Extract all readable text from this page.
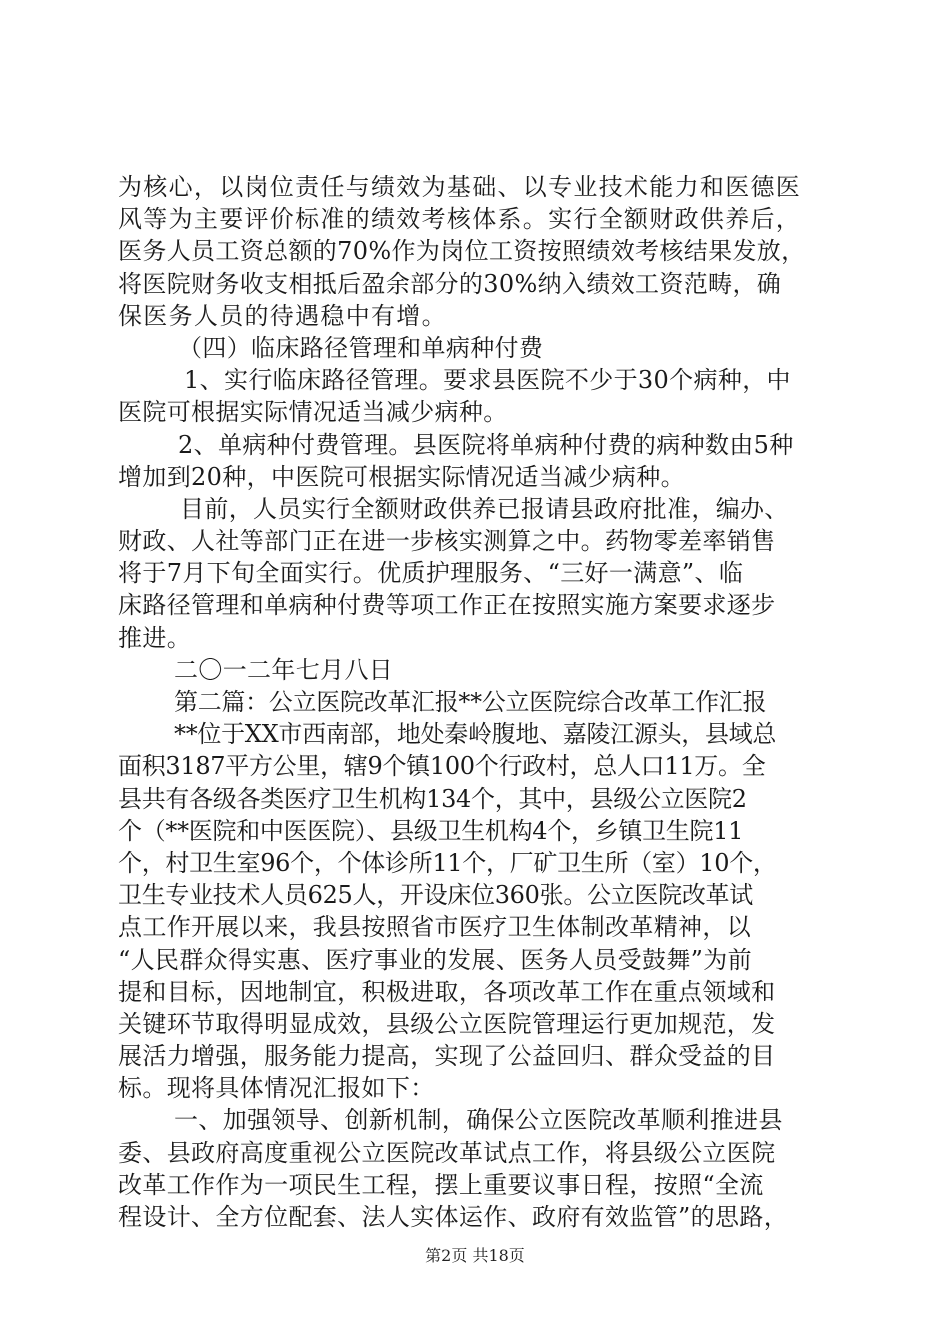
为核心，以岗位责任与绩效为基础、以专业技术能力和医德医
风等为主要评价标准的绩效考核体系。实行全额财政供养后，
医务人员工资总额的70%作为岗位工资按照绩效考核结果发放，
将医院财务收支相抵后盈余部分的30%纳入绩效工资范畴，确
保医务人员的待遇稳中有增。
（四）临床路径管理和单病种付费
1、实行临床路径管理。要求县医院不少于30个病种，中
医院可根据实际情况适当减少病种。
2、单病种付费管理。县医院将单病种付费的病种数由5种
增加到20种，中医院可根据实际情况适当减少病种。
目前，人员实行全额财政供养已报请县政府批准，编办、
财政、人社等部门正在进一步核实测算之中。药物零差率销售
将于7月下旬全面实行。优质护理服务、“三好一满意”、临
床路径管理和单病种付费等项工作正在按照实施方案要求逐步
推进。
二〇一二年七月八日
第二篇：公立医院改革汇报**公立医院综合改革工作汇报
**位于XX市西南部，地处秦岭腹地、嘉陵江源头，县域总
面积3187平方公里，辖9个镇100个行政村，总人口11万。全
县共有各级各类医疗卫生机构134个，其中，县级公立医院2
个（**医院和中医医院）、县级卫生机构4个，乡镇卫生院11
个，村卫生室96个，个体诊所11个，厂矿卫生所（室）10个，
卫生专业技术人员625人，开设床位360张。公立医院改革试
点工作开展以来，我县按照省市医疗卫生体制改革精神，以
“人民群众得实惠、医疗事业的发展、医务人员受鼓舞”为前
提和目标，因地制宜，积极进取，各项改革工作在重点领域和
关键环节取得明显成效，县级公立医院管理运行更加规范，发
展活力增强，服务能力提高，实现了公益回归、群众受益的目
标。现将具体情况汇报如下：
一、加强领导、创新机制，确保公立医院改革顺利推进县
委、县政府高度重视公立医院改革试点工作，将县级公立医院
改革工作作为一项民生工程，摆上重要议事日程，按照“全流
程设计、全方位配套、法人实体运作、政府有效监管”的思路，
第2页 共18页
